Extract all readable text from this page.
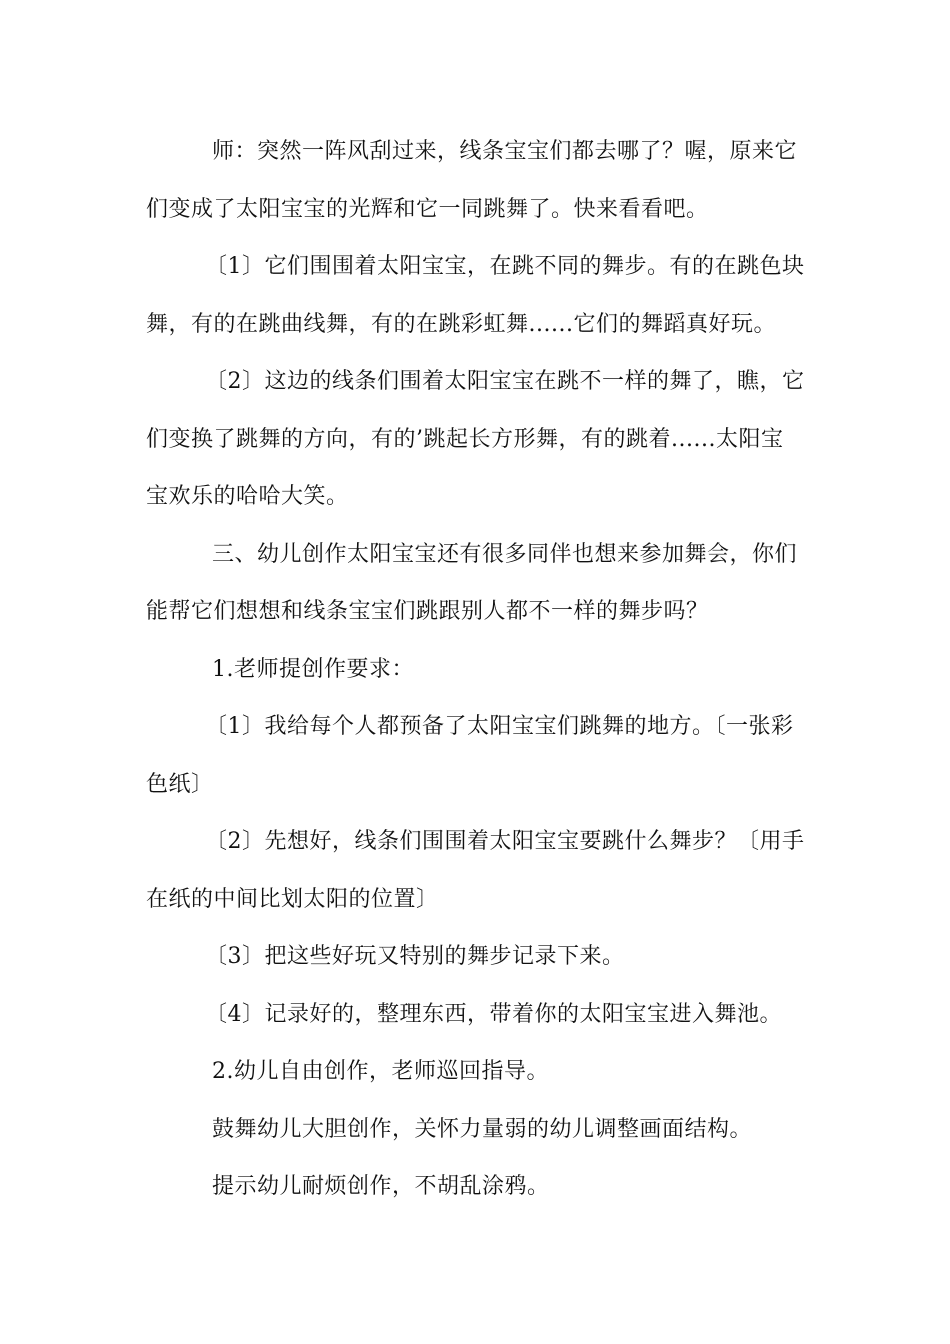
师：突然一阵风刮过来，线条宝宝们都去哪了？喔，原来它
们变成了太阳宝宝的光辉和它一同跳舞了。快来看看吧。
〔1〕它们围围着太阳宝宝，在跳不同的舞步。有的在跳色块
舞，有的在跳曲线舞，有的在跳彩虹舞......它们的舞蹈真好玩。
〔2〕这边的线条们围着太阳宝宝在跳不一样的舞了，瞧，它
们变换了跳舞的方向，有的’跳起长方形舞，有的跳着......太阳宝
宝欢乐的哈哈大笑。
三、幼儿创作太阳宝宝还有很多同伴也想来参加舞会，你们
能帮它们想想和线条宝宝们跳跟别人都不一样的舞步吗？
1.老师提创作要求：
〔1〕我给每个人都预备了太阳宝宝们跳舞的地方。〔一张彩
色纸〕
〔2〕先想好，线条们围围着太阳宝宝要跳什么舞步？〔用手
在纸的中间比划太阳的位置〕
〔3〕把这些好玩又特别的舞步记录下来。
〔4〕记录好的，整理东西，带着你的太阳宝宝进入舞池。
2.幼儿自由创作，老师巡回指导。
鼓舞幼儿大胆创作，关怀力量弱的幼儿调整画面结构。
提示幼儿耐烦创作，不胡乱涂鸦。
